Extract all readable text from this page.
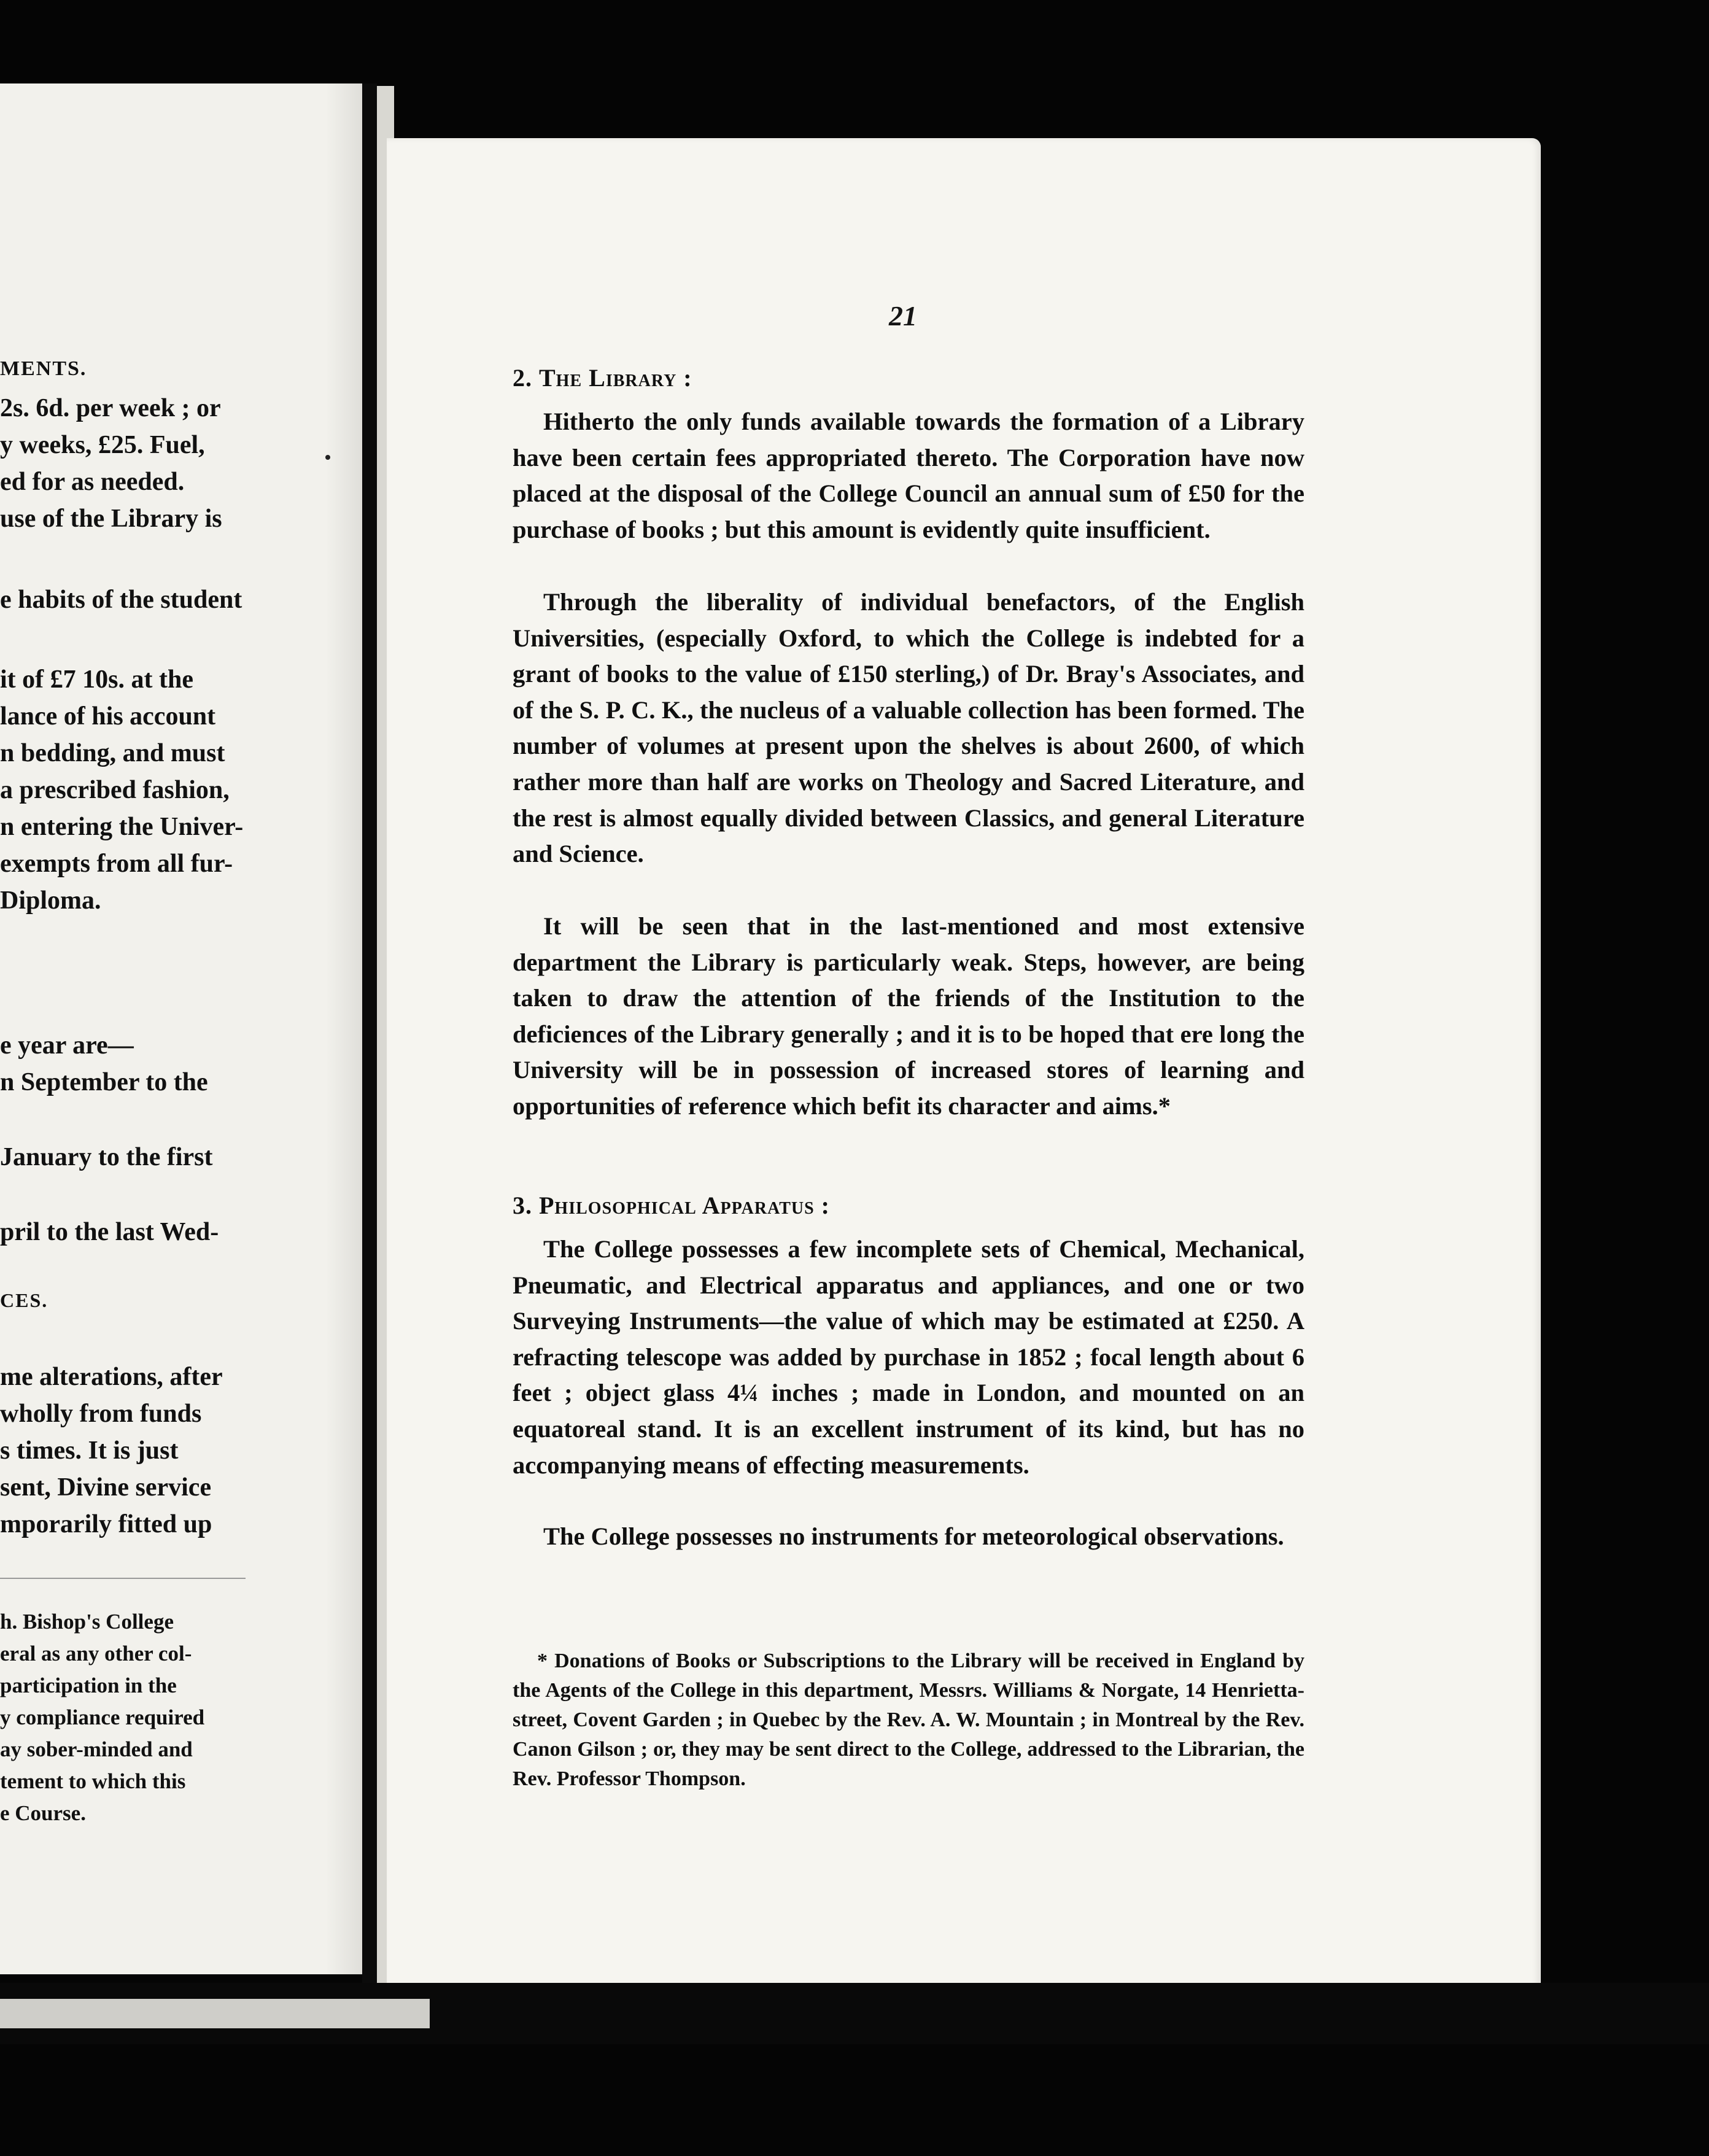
MENTS.
2s. 6d. per week ; or
y weeks, £25. Fuel,
ed for as needed.
use of the Library is
e habits of the student
it of £7 10s. at the
lance of his account
n bedding, and must
a prescribed fashion,
n entering the Univer-
exempts from all fur-
Diploma.
e year are—
n September to the
January to the first
pril to the last Wed-
CES.
me alterations, after
wholly from funds
s times. It is just
sent, Divine service
mporarily fitted up
h. Bishop's College
eral as any other col-
participation in the
y compliance required
ay sober-minded and
tement to which this
e Course.
21
2. The Library :

Hitherto the only funds available towards the formation of a Library have been certain fees appropriated thereto. The Corporation have now placed at the disposal of the College Council an annual sum of £50 for the purchase of books ; but this amount is evidently quite insufficient.

Through the liberality of individual benefactors, of the English Universities, (especially Oxford, to which the College is indebted for a grant of books to the value of £150 sterling,) of Dr. Bray's Associates, and of the S. P. C. K., the nucleus of a valuable collection has been formed. The number of volumes at present upon the shelves is about 2600, of which rather more than half are works on Theology and Sacred Literature, and the rest is almost equally divided between Classics, and general Literature and Science.

It will be seen that in the last-mentioned and most extensive department the Library is particularly weak. Steps, however, are being taken to draw the attention of the friends of the Institution to the deficiences of the Library generally ; and it is to be hoped that ere long the University will be in possession of increased stores of learning and opportunities of reference which befit its character and aims.*

3. Philosophical Apparatus :

The College possesses a few incomplete sets of Chemical, Mechanical, Pneumatic, and Electrical apparatus and appliances, and one or two Surveying Instruments—the value of which may be estimated at £250. A refracting telescope was added by purchase in 1852 ; focal length about 6 feet ; object glass 4¼ inches ; made in London, and mounted on an equatoreal stand. It is an excellent instrument of its kind, but has no accompanying means of effecting measurements.

The College possesses no instruments for meteorological observations.

* Donations of Books or Subscriptions to the Library will be received in England by the Agents of the College in this department, Messrs. Williams & Norgate, 14 Henrietta-street, Covent Garden ; in Quebec by the Rev. A. W. Mountain ; in Montreal by the Rev. Canon Gilson ; or, they may be sent direct to the College, addressed to the Librarian, the Rev. Professor Thompson.
